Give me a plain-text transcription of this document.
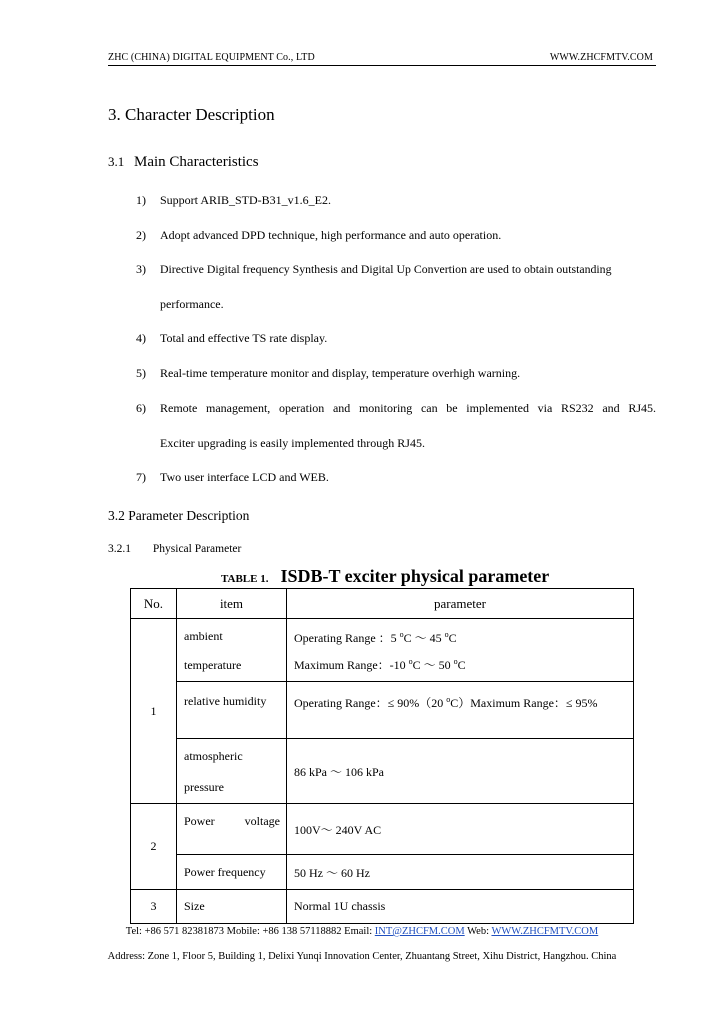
ZHC (CHINA) DIGITAL EQUIPMENT Co., LTD	WWW.ZHCFMTV.COM
3. Character Description
3.1 Main Characteristics
1) Support ARIB_STD-B31_v1.6_E2.
2) Adopt advanced DPD technique, high performance and auto operation.
3) Directive Digital frequency Synthesis and Digital Up Convertion are used to obtain outstanding
performance.
4) Total and effective TS rate display.
5) Real-time temperature monitor and display, temperature overhigh warning.
6) Remote management, operation and monitoring can be implemented via RS232 and RJ45.
Exciter upgrading is easily implemented through RJ45.
7) Two user interface LCD and WEB.
3.2 Parameter Description
3.2.1 Physical Parameter
TABLE 1. ISDB-T exciter physical parameter
No.	item	parameter
1	ambient
temperature	Operating Range ：5 $^o$C ～ 45 $^o$C
Maximum Range：-10 $^o$C ～ 50 $^o$C

	relative humidity	Operating Range：≤ 90%（20 $^o$C）Maximum Range：≤ 95%

	atmospheric
pressure	86 kPa ～ 106 kPa
2	Power voltage	100V～ 240V AC
	Power frequency	50 Hz ～ 60 Hz
3	Size	Normal 1U chassis
Tel: +86 571 82381873 Mobile: +86 138 57118882 Email: INT@ZHCFM.COM Web: WWW.ZHCFMTV.COM
Address: Zone 1, Floor 5, Building 1, Delixi Yunqi Innovation Center, Zhuantang Street, Xihu District, Hangzhou. China
